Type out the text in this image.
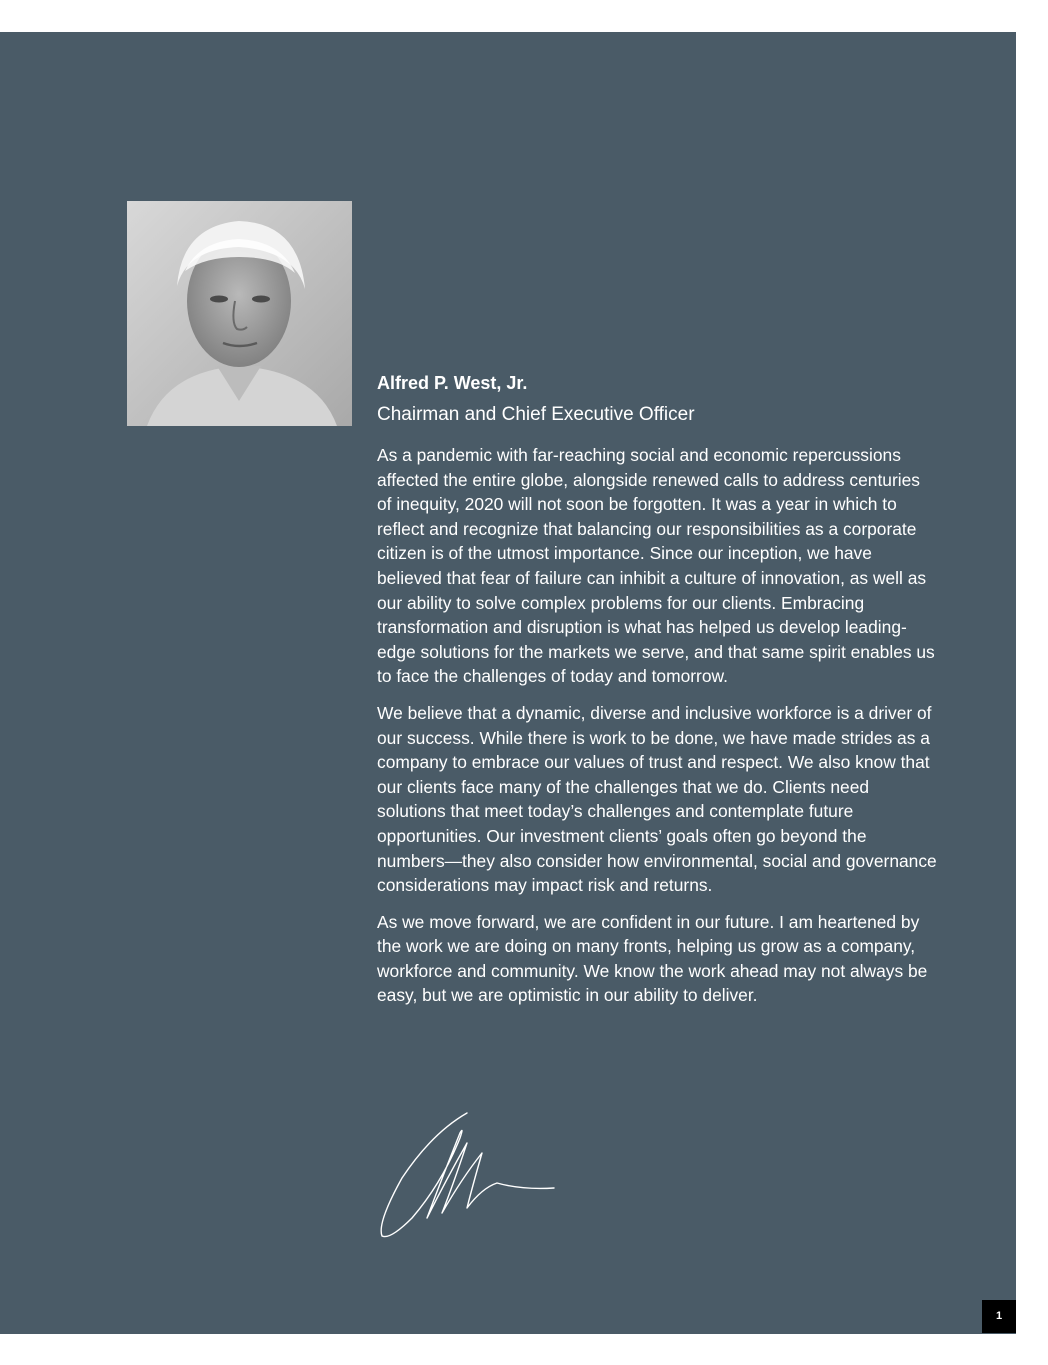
Alfred P. West, Jr.

Chairman and Chief Executive Officer

As a pandemic with far-reaching social and economic repercussions affected the entire globe, alongside renewed calls to address centuries of inequity, 2020 will not soon be forgotten. It was a year in which to reflect and recognize that balancing our responsibilities as a corporate citizen is of the utmost importance. Since our inception, we have believed that fear of failure can inhibit a culture of innovation, as well as our ability to solve complex problems for our clients. Embracing transformation and disruption is what has helped us develop leading-edge solutions for the markets we serve, and that same spirit enables us to face the challenges of today and tomorrow.

We believe that a dynamic, diverse and inclusive workforce is a driver of our success. While there is work to be done, we have made strides as a company to embrace our values of trust and respect. We also know that our clients face many of the challenges that we do. Clients need solutions that meet today’s challenges and contemplate future opportunities. Our investment clients’ goals often go beyond the numbers—they also consider how environmental, social and governance considerations may impact risk and returns.

As we move forward, we are confident in our future. I am heartened by the work we are doing on many fronts, helping us grow as a company, workforce and community. We know the work ahead may not always be easy, but we are optimistic in our ability to deliver.

1
